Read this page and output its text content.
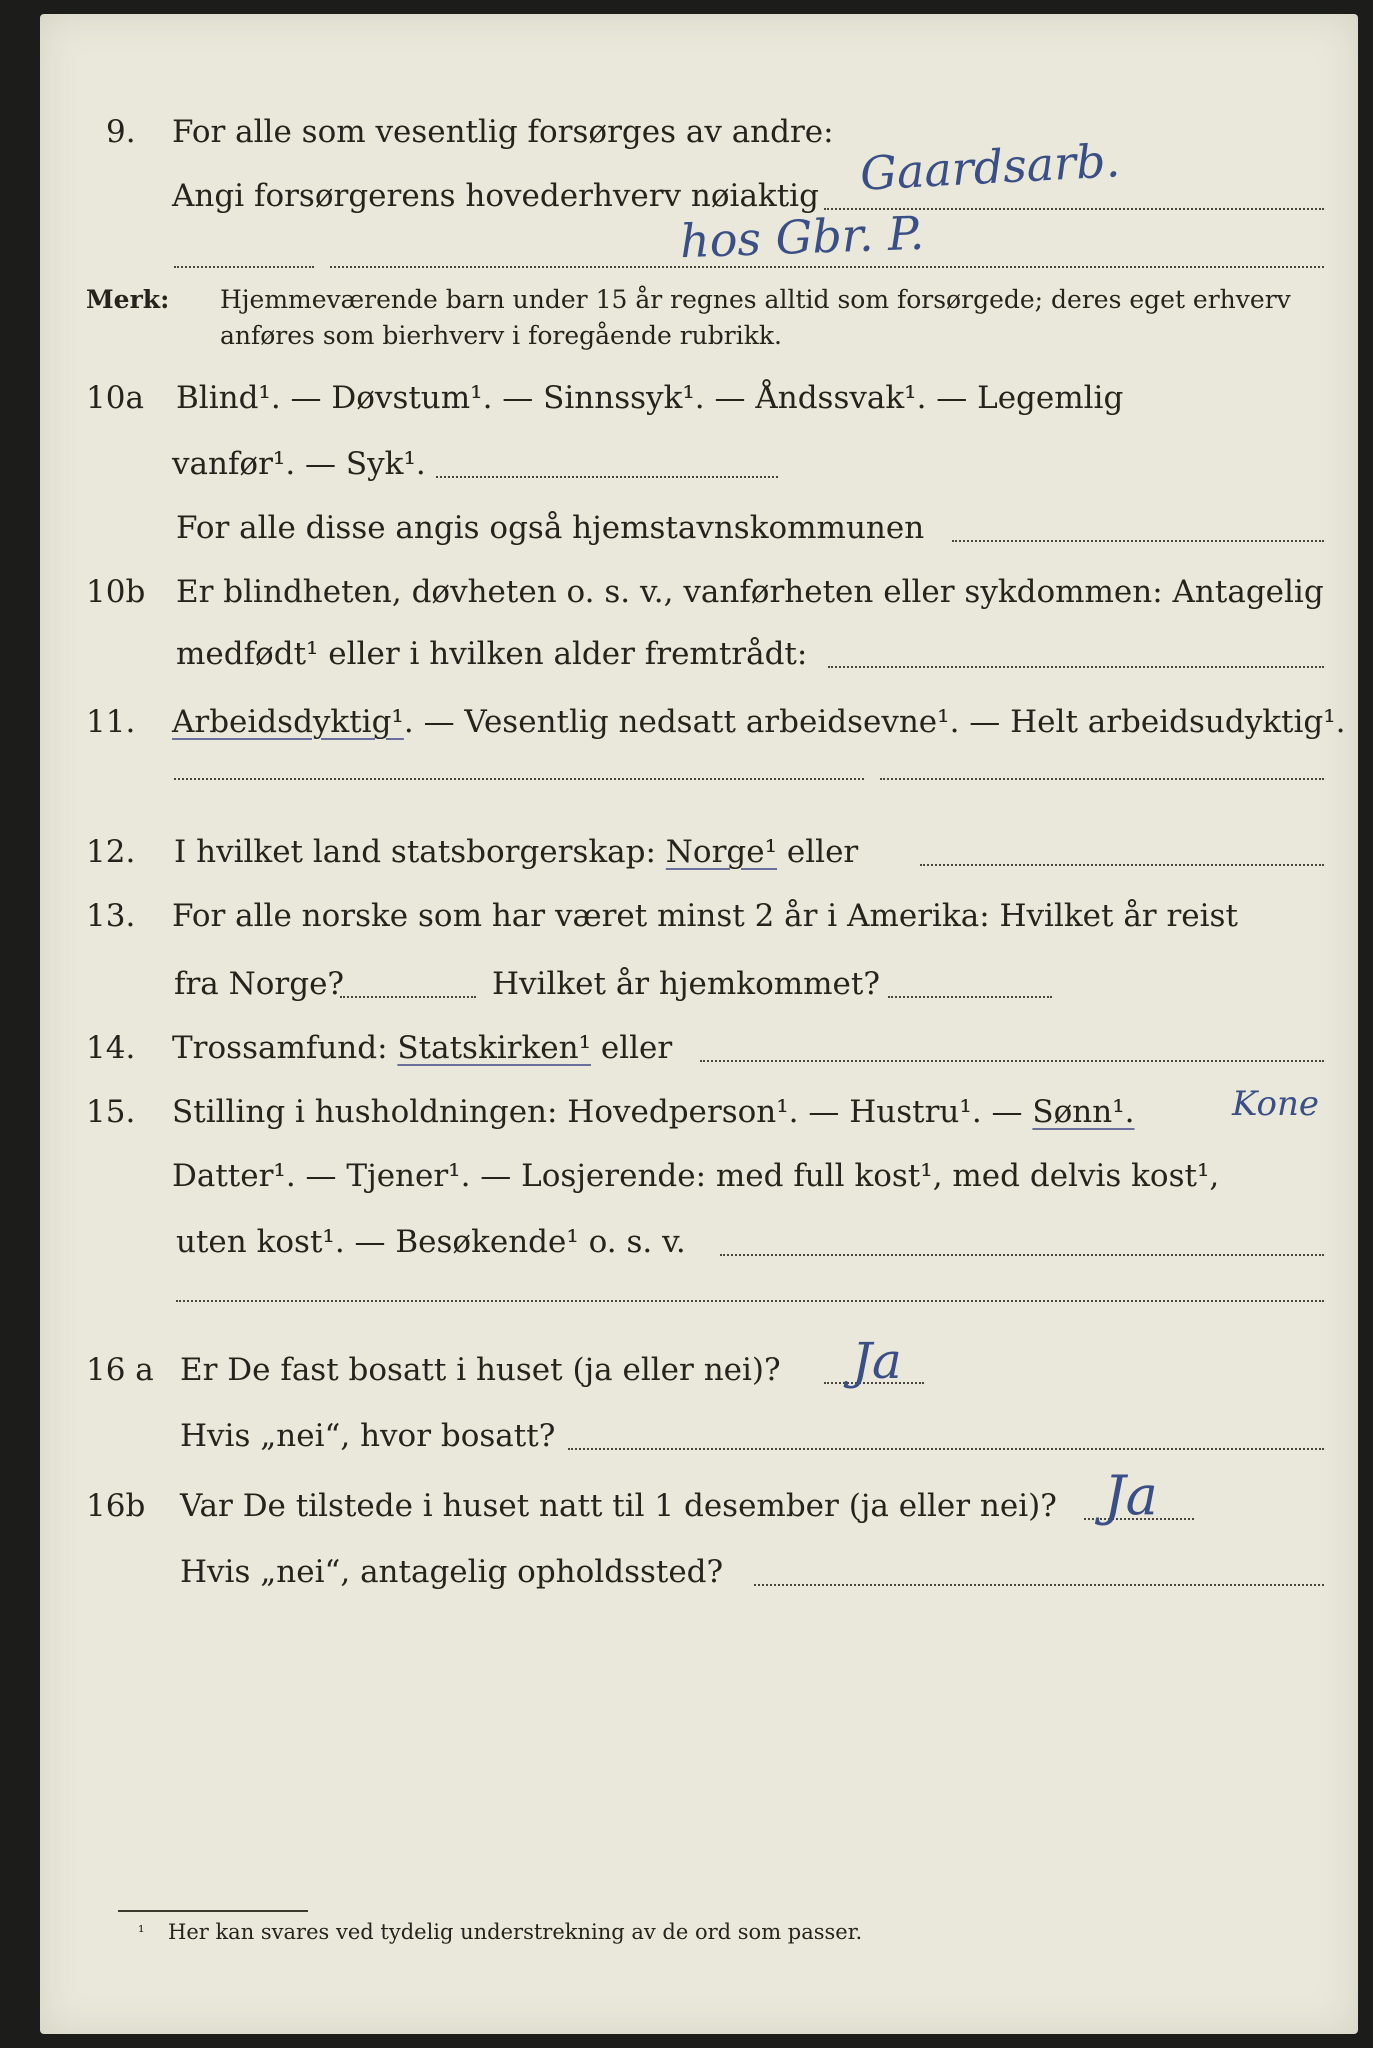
9. For alle som vesentlig forsørges av andre:
Angi forsørgerens hovederhverv nøiaktig Gaardsarb.
hos Gbr. P.
Merk: Hjemmeværende barn under 15 år regnes alltid som forsørgede; deres eget erhverv
anføres som bierhverv i foregående rubrikk.
10a Blind¹. — Døvstum¹. — Sinnssyk¹. — Åndssvak¹. — Legemlig
vanfør¹. — Syk¹.
For alle disse angis også hjemstavnskommunen
10b Er blindheten, døvheten o. s. v., vanførheten eller sykdommen: Antagelig
medfødt¹ eller i hvilken alder fremtrådt:
11. Arbeidsdyktig¹. — Vesentlig nedsatt arbeidsevne¹. — Helt arbeidsudyktig¹.
12. I hvilket land statsborgerskap: Norge¹ eller
13. For alle norske som har været minst 2 år i Amerika: Hvilket år reist
fra Norge?	Hvilket år hjemkommet?
14. Trossamfund: Statskirken¹ eller
15. Stilling i husholdningen: Hovedperson¹. — Hustru¹. — Sønn¹.	Kone
Datter¹. — Tjener¹. — Losjerende: med full kost¹, med delvis kost¹,
uten kost¹. — Besøkende¹ o. s. v.
16 a Er De fast bosatt i huset (ja eller nei)? Ja
Hvis „nei“, hvor bosatt?
16b Var De tilstede i huset natt til 1 desember (ja eller nei)? Ja
Hvis „nei“, antagelig opholdssted?
¹ Her kan svares ved tydelig understrekning av de ord som passer.
